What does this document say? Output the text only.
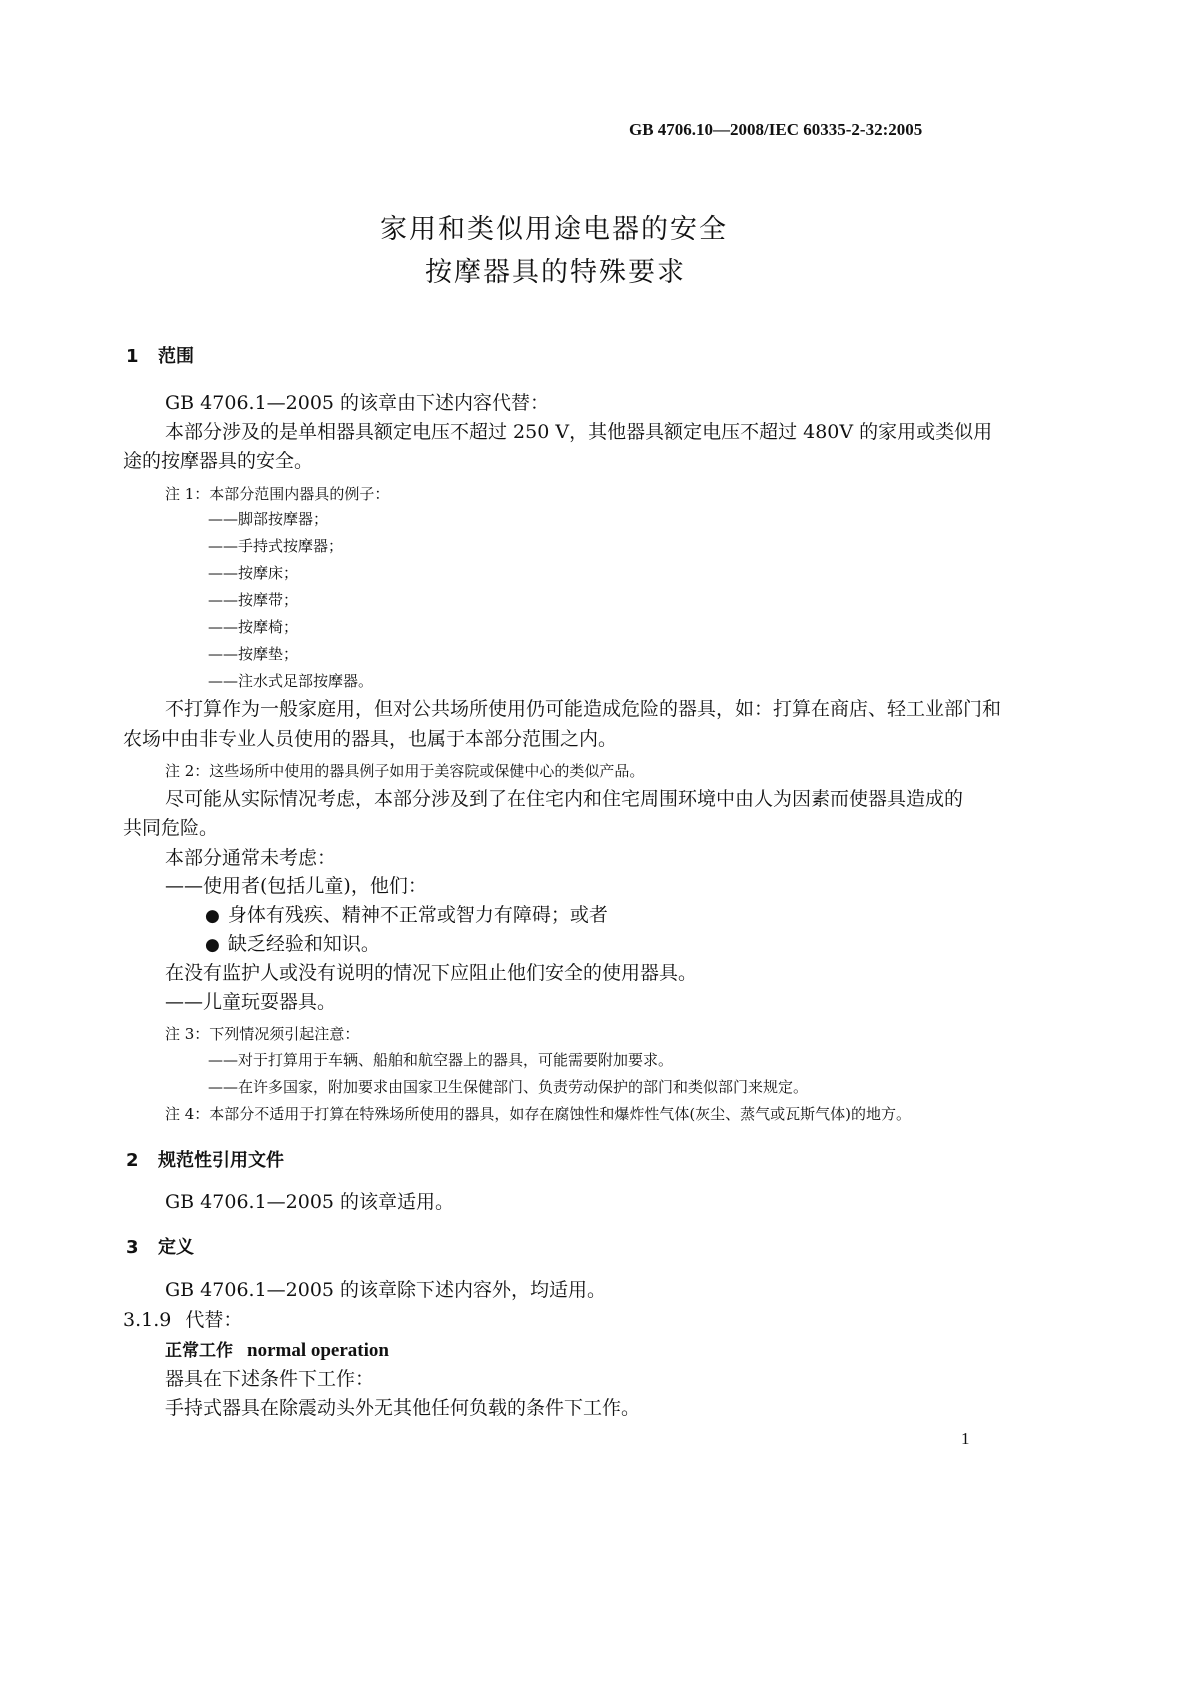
GB 4706.10—2008/IEC 60335-2-32:2005
家用和类似用途电器的安全
按摩器具的特殊要求
1 范围
GB 4706.1—2005 的该章由下述内容代替：
本部分涉及的是单相器具额定电压不超过 250 V，其他器具额定电压不超过 480V 的家用或类似用
途的按摩器具的安全。
注 1：本部分范围内器具的例子：
——脚部按摩器；
——手持式按摩器；
——按摩床；
——按摩带；
——按摩椅；
——按摩垫；
——注水式足部按摩器。
不打算作为一般家庭用，但对公共场所使用仍可能造成危险的器具，如：打算在商店、轻工业部门和
农场中由非专业人员使用的器具，也属于本部分范围之内。
注 2：这些场所中使用的器具例子如用于美容院或保健中心的类似产品。
尽可能从实际情况考虑，本部分涉及到了在住宅内和住宅周围环境中由人为因素而使器具造成的
共同危险。
本部分通常未考虑：
——使用者(包括儿童)，他们：
● 身体有残疾、精神不正常或智力有障碍；或者
● 缺乏经验和知识。
在没有监护人或没有说明的情况下应阻止他们安全的使用器具。
——儿童玩耍器具。
注 3：下列情况须引起注意：
——对于打算用于车辆、船舶和航空器上的器具，可能需要附加要求。
——在许多国家，附加要求由国家卫生保健部门、负责劳动保护的部门和类似部门来规定。
注 4：本部分不适用于打算在特殊场所使用的器具，如存在腐蚀性和爆炸性气体(灰尘、蒸气或瓦斯气体)的地方。
2 规范性引用文件
GB 4706.1—2005 的该章适用。
3 定义
GB 4706.1—2005 的该章除下述内容外，均适用。
3.1.9 代替：
正常工作 normal operation
器具在下述条件下工作：
手持式器具在除震动头外无其他任何负载的条件下工作。
1
